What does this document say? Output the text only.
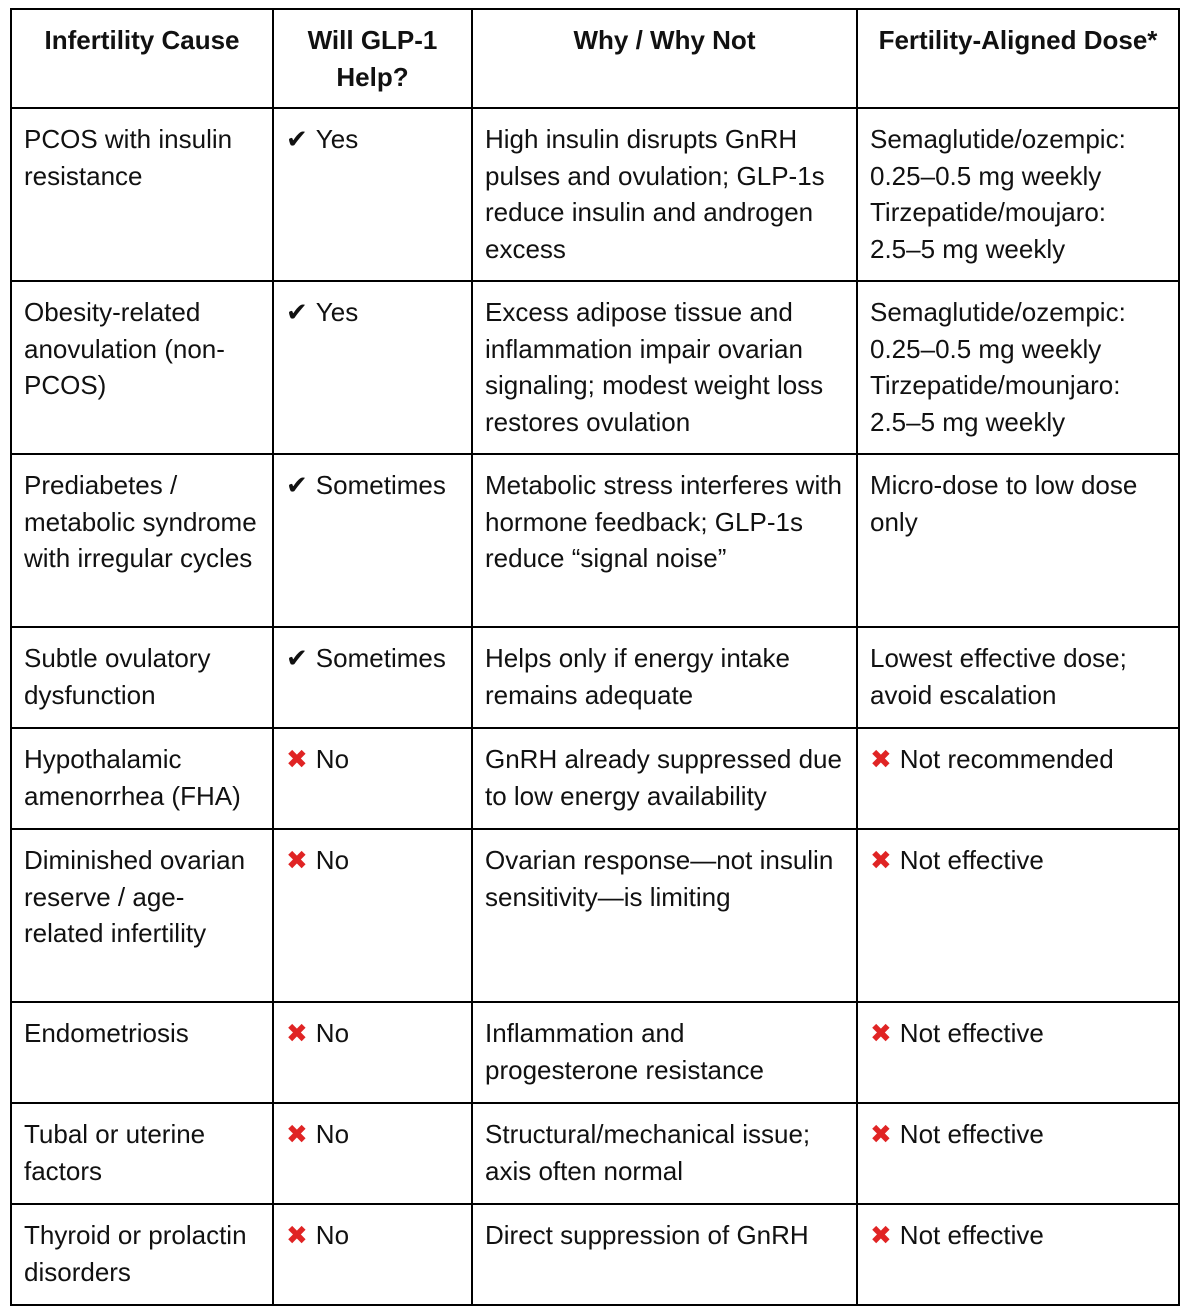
Infertility Cause	Will GLP-1 Help?	Why / Why Not	Fertility-Aligned Dose*
PCOS with insulin resistance	✔ Yes	High insulin disrupts GnRH pulses and ovulation; GLP-1s reduce insulin and androgen excess	Semaglutide/ozempic:
0.25–0.5 mg weekly
Tirzepatide/moujaro:
2.5–5 mg weekly

Obesity-related anovulation (non-PCOS)	✔ Yes	Excess adipose tissue and inflammation impair ovarian signaling; modest weight loss restores ovulation	Semaglutide/ozempic:
0.25–0.5 mg weekly
Tirzepatide/mounjaro:
2.5–5 mg weekly

Prediabetes / metabolic syndrome with irregular cycles	✔ Sometimes	Metabolic stress interferes with hormone feedback; GLP-1s reduce “signal noise”	Micro-dose to low dose only
Subtle ovulatory dysfunction	✔ Sometimes	Helps only if energy intake remains adequate	Lowest effective dose; avoid escalation
Hypothalamic amenorrhea (FHA)	✖ No	GnRH already suppressed due to low energy availability	✖ Not recommended
Diminished ovarian reserve / age-related infertility	✖ No	Ovarian response—not insulin sensitivity—is limiting	✖ Not effective
Endometriosis	✖ No	Inflammation and progesterone resistance	✖ Not effective
Tubal or uterine factors	✖ No	Structural/mechanical issue; axis often normal	✖ Not effective
Thyroid or prolactin disorders	✖ No	Direct suppression of GnRH	✖ Not effective
